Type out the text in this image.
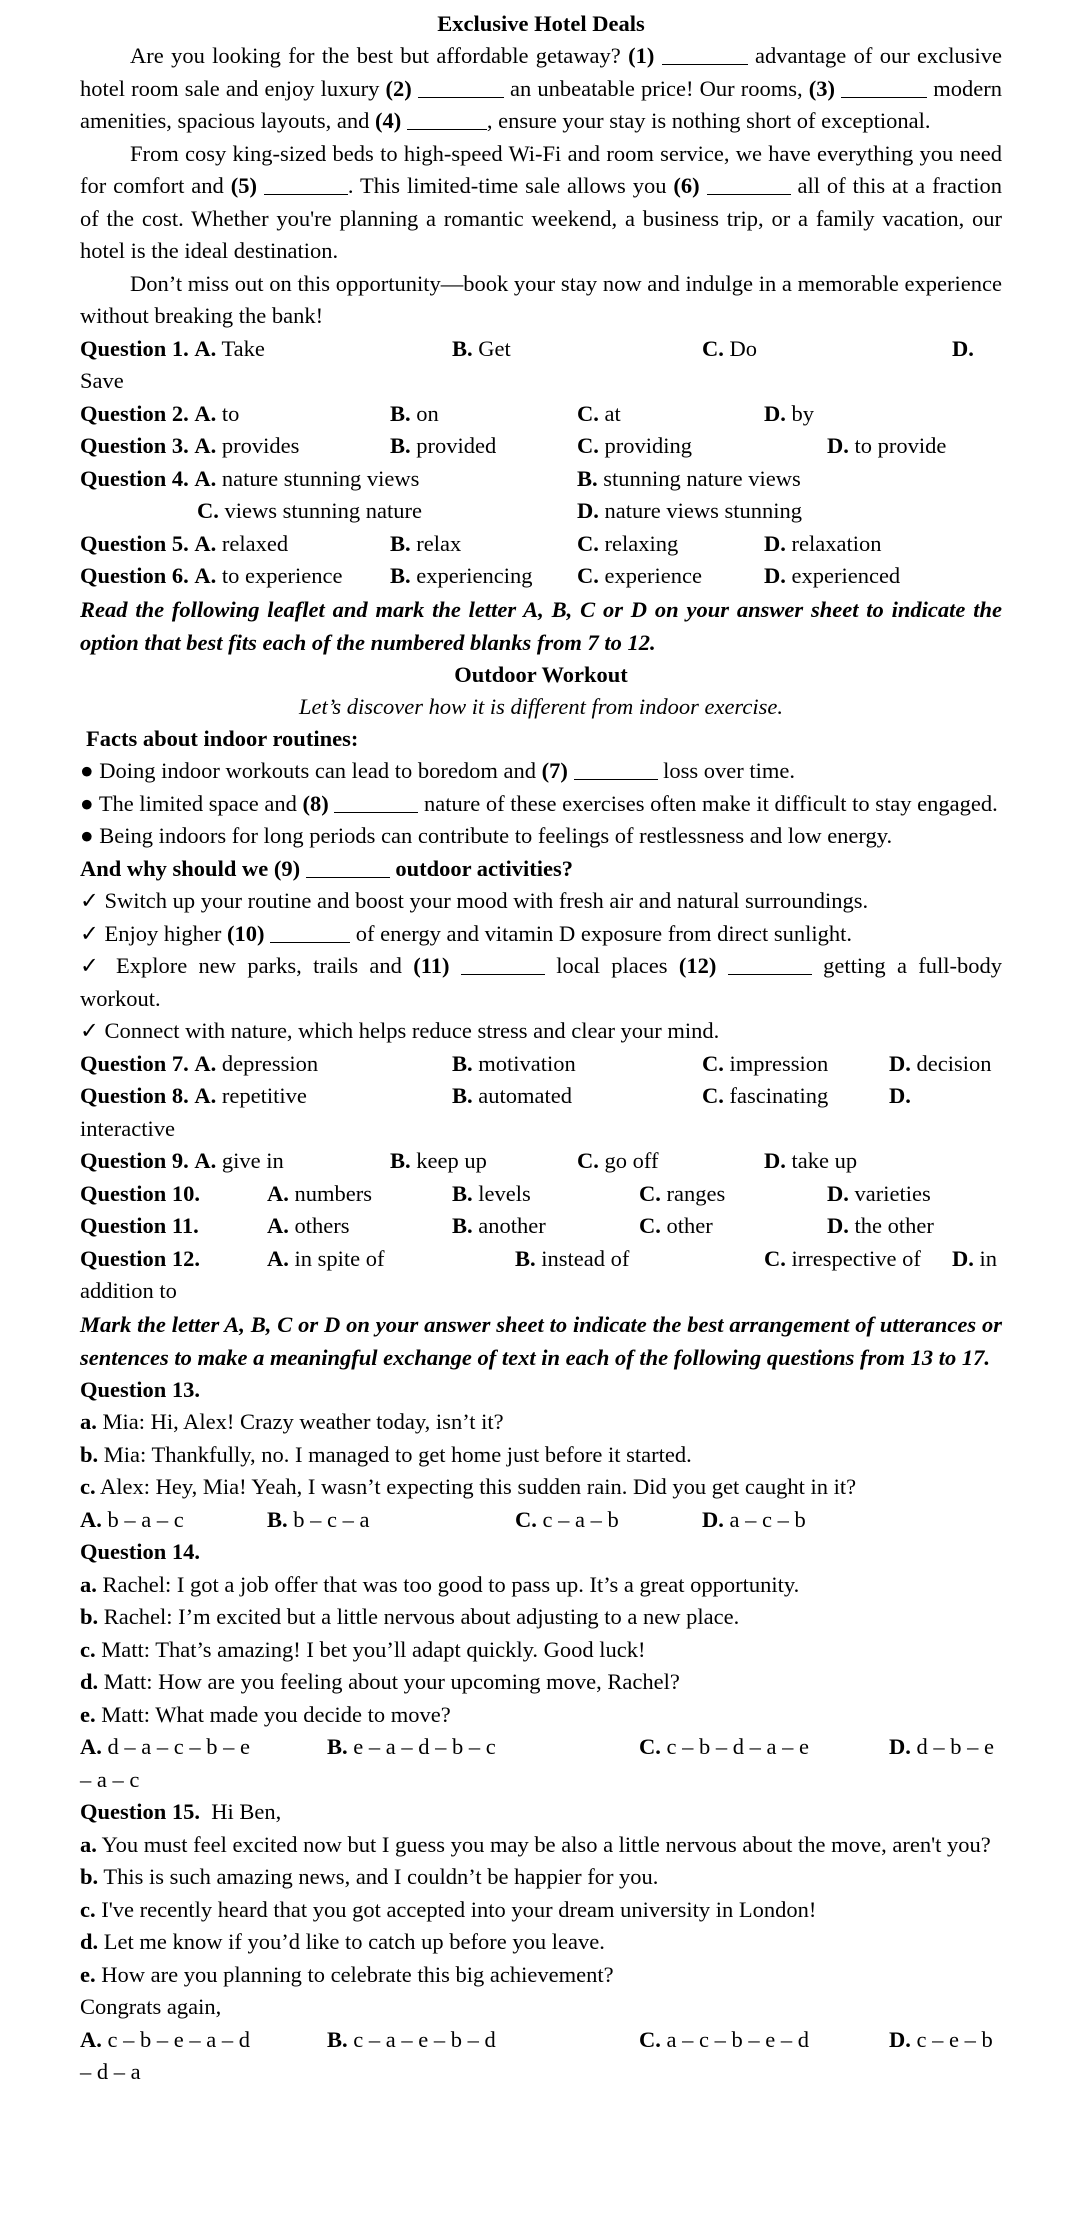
Exclusive Hotel Deals

Are you looking for the best but affordable getaway? (1)	advantage of our exclusive hotel room sale and enjoy luxury (2)	an unbeatable price! Our rooms, (3)	modern amenities, spacious layouts, and (4)	, ensure your stay is nothing short of exceptional.

From cosy king-sized beds to high-speed Wi-Fi and room service, we have everything you need for comfort and (5)	. This limited-time sale allows you (6)	all of this at a fraction of the cost. Whether you're planning a romantic weekend, a business trip, or a family vacation, our hotel is the ideal destination.

Don’t miss out on this opportunity—book your stay now and indulge in a memorable experience without breaking the bank!

Question 1. A. Take	B. Get	C. Do	D.
Save
Question 2. A. to	B. on	C. at	D. by
Question 3. A. provides	B. provided	C. providing	D. to provide
Question 4. A. nature stunning views	B. stunning nature views
C. views stunning nature	D. nature views stunning
Question 5. A. relaxed	B. relax	C. relaxing	D. relaxation
Question 6. A. to experience B. experiencing C. experience	D. experienced
Read the following leaflet and mark the letter A, B, C or D on your answer sheet to indicate the option that best fits each of the numbered blanks from 7 to 12.
Outdoor Workout
Let’s discover how it is different from indoor exercise.
Facts about indoor routines:
● Doing indoor workouts can lead to boredom and (7)	loss over time.
● The limited space and (8)	nature of these exercises often make it difficult to stay engaged.
● Being indoors for long periods can contribute to feelings of restlessness and low energy.
And why should we (9)	outdoor activities?
✓ Switch up your routine and boost your mood with fresh air and natural surroundings.
✓ Enjoy higher (10)	of energy and vitamin D exposure from direct sunlight.
✓ Explore new parks, trails and (11)	local places (12)	getting a full-body workout.
✓ Connect with nature, which helps reduce stress and clear your mind.
Question 7. A. depression	B. motivation	C. impression	D. decision
Question 8. A. repetitive	B. automated	C. fascinating	D.
interactive
Question 9. A. give in	B. keep up	C. go off	D. take up
Question 10.	A. numbers	B. levels	C. ranges	D. varieties
Question 11.	A. others	B. another	C. other	D. the other
Question 12.	A. in spite of	B. instead of	C. irrespective of D. in
addition to
Mark the letter A, B, C or D on your answer sheet to indicate the best arrangement of utterances or sentences to make a meaningful exchange of text in each of the following questions from 13 to 17.
Question 13.
a. Mia: Hi, Alex! Crazy weather today, isn’t it?
b. Mia: Thankfully, no. I managed to get home just before it started.
c. Alex: Hey, Mia! Yeah, I wasn’t expecting this sudden rain. Did you get caught in it?
A. b – a – c	B. b – c – a	C. c – a – b	D. a – c – b
Question 14.
a. Rachel: I got a job offer that was too good to pass up. It’s a great opportunity.
b. Rachel: I’m excited but a little nervous about adjusting to a new place.
c. Matt: That’s amazing! I bet you’ll adapt quickly. Good luck!
d. Matt: How are you feeling about your upcoming move, Rachel?
e. Matt: What made you decide to move?
A. d – a – c – b – e	B. e – a – d – b – c	C. c – b – d – a – e	D. d – b – e
– a – c
Question 15. Hi Ben,
a. You must feel excited now but I guess you may be also a little nervous about the move, aren't you?
b. This is such amazing news, and I couldn’t be happier for you.
c. I've recently heard that you got accepted into your dream university in London!
d. Let me know if you’d like to catch up before you leave.
e. How are you planning to celebrate this big achievement?
Congrats again,
A. c – b – e – a – d	B. c – a – e – b – d	C. a – c – b – e – d	D. c – e – b
– d – a
